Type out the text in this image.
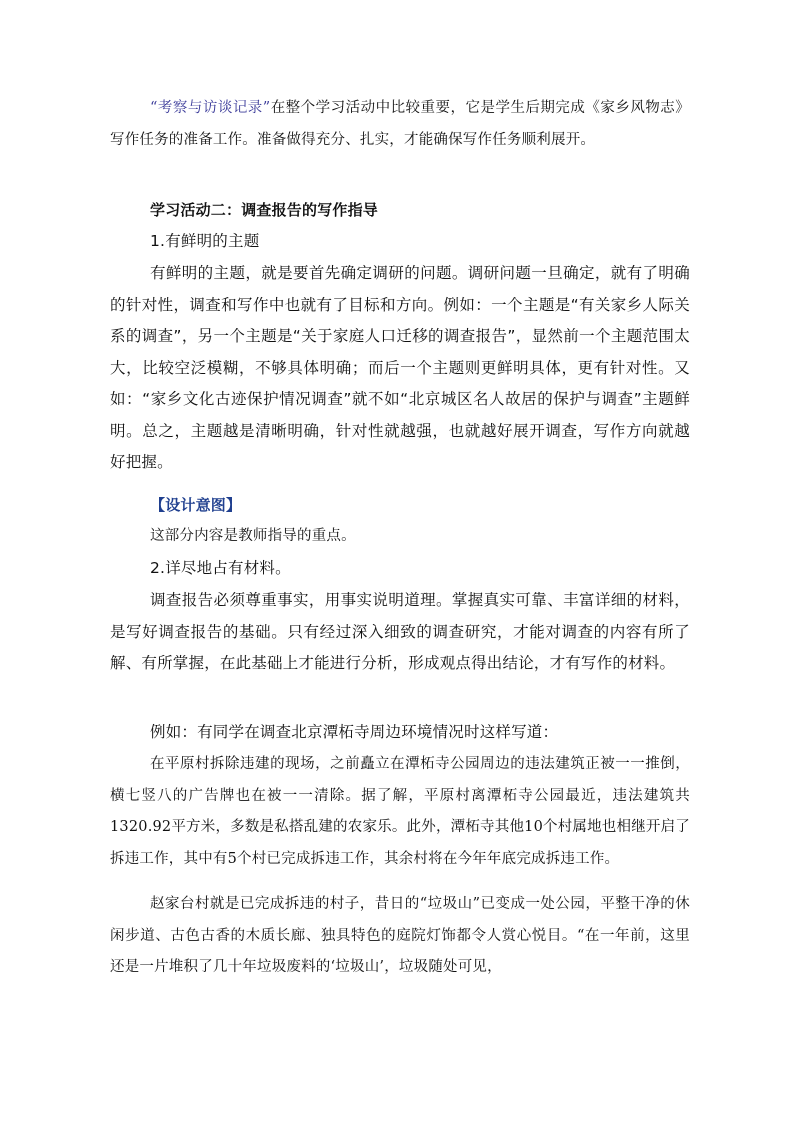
“考察与访谈记录”在整个学习活动中比较重要，它是学生后期完成《家乡风物志》写作任务的准备工作。准备做得充分、扎实，才能确保写作任务顺利展开。

学习活动二：调查报告的写作指导

1.有鲜明的主题

有鲜明的主题，就是要首先确定调研的问题。调研问题一旦确定，就有了明确的针对性，调查和写作中也就有了目标和方向。例如：一个主题是“有关家乡人际关系的调查”，另一个主题是“关于家庭人口迁移的调查报告”，显然前一个主题范围太大，比较空泛模糊，不够具体明确；而后一个主题则更鲜明具体，更有针对性。又如：“家乡文化古迹保护情况调查”就不如“北京城区名人故居的保护与调查”主题鲜明。总之，主题越是清晰明确，针对性就越强，也就越好展开调查，写作方向就越好把握。

【设计意图】

这部分内容是教师指导的重点。

2.详尽地占有材料。

调查报告必须尊重事实，用事实说明道理。掌握真实可靠、丰富详细的材料，是写好调查报告的基础。只有经过深入细致的调查研究，才能对调查的内容有所了解、有所掌握，在此基础上才能进行分析，形成观点得出结论，才有写作的材料。

例如：有同学在调查北京潭柘寺周边环境情况时这样写道：

在平原村拆除违建的现场，之前矗立在潭柘寺公园周边的违法建筑正被一一推倒，横七竖八的广告牌也在被一一清除。据了解，平原村离潭柘寺公园最近，违法建筑共1320.92平方米，多数是私搭乱建的农家乐。此外，潭柘寺其他10个村属地也相继开启了拆违工作，其中有5个村已完成拆违工作，其余村将在今年年底完成拆违工作。

赵家台村就是已完成拆违的村子，昔日的“垃圾山”已变成一处公园，平整干净的休闲步道、古色古香的木质长廊、独具特色的庭院灯饰都令人赏心悦目。“在一年前，这里还是一片堆积了几十年垃圾废料的‘垃圾山’，垃圾随处可见，
